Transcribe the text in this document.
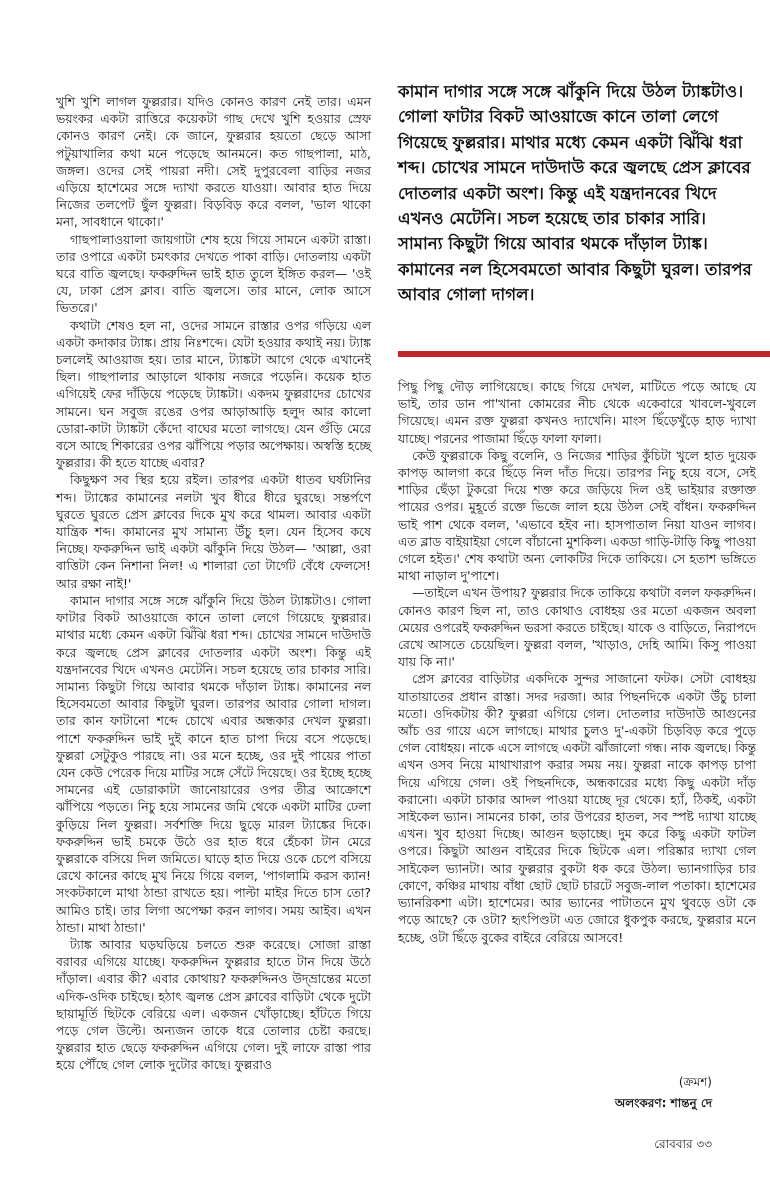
খুশি খুশি লাগল ফুল্লরার। যদিও কোনও কারণ নেই তার। এমন ভয়ংকর একটা রাত্তিরে কয়েকটা গাছ দেখে খুশি হওয়ার স্রেফ কোনও কারণ নেই। কে জানে, ফুল্লরার হয়তো ছেড়ে আসা পটুয়াখালির কথা মনে পড়েছে আনমনে। কত গাছপালা, মাঠ, জঙ্গল। ওদের সেই পায়রা নদী। সেই দুপুরবেলা বাড়ির নজর এড়িয়ে হাশেমের সঙ্গে দ্যাখা করতে যাওয়া। আবার হাত দিয়ে নিজের তলপেট ছুঁল ফুল্লরা। বিড়বিড় করে বলল, 'ভাল থাকো মনা, সাবধানে থাকো।'

গাছপালাওয়ালা জায়গাটা শেষ হয়ে গিয়ে সামনে একটা রাস্তা। তার ওপারে একটা চমৎকার দেখতে পাকা বাড়ি। দোতলায় একটা ঘরে বাতি জ্বলছে। ফকরুদ্দিন ভাই হাত তুলে ইঙ্গিত করল— 'ওই যে, ঢাকা প্রেস ক্লাব। বাতি জ্বলসে। তার মানে, লোক আসে ভিতরে।'

কথাটা শেষও হল না, ওদের সামনে রাস্তার ওপর গড়িয়ে এল একটা কদাকার ট্যাঙ্ক। প্রায় নিঃশব্দে। যেটা হওয়ার কথাই নয়। ট্যাঙ্ক চললেই আওয়াজ হয়। তার মানে, ট্যাঙ্কটা আগে থেকে এখানেই ছিল। গাছপালার আড়ালে থাকায় নজরে পড়েনি। কয়েক হাত এগিয়েই ফের দাঁড়িয়ে পড়েছে ট্যাঙ্কটা। একদম ফুল্লরাদের চোখের সামনে। ঘন সবুজ রঙের ওপর আড়াআড়ি হলুদ আর কালো ডোরা-কাটা ট্যাঙ্কটা কেঁদো বাঘের মতো লাগছে। যেন গুঁড়ি মেরে বসে আছে শিকারের ওপর ঝাঁপিয়ে পড়ার অপেক্ষায়। অস্বস্তি হচ্ছে ফুল্লরার। কী হতে যাচ্ছে এবার?

কিছুক্ষণ সব স্থির হয়ে রইল। তারপর একটা ধাতব ঘর্ষটানির শব্দ। ট্যাঙ্কের কামানের নলটা খুব ধীরে ধীরে ঘুরছে। সন্তর্পণে ঘুরতে ঘুরতে প্রেস ক্লাবের দিকে মুখ করে থামল। আবার একটা যান্ত্রিক শব্দ। কামানের মুখ সামান্য উঁচু হল। যেন হিসেব কষে নিচ্ছে। ফকরুদ্দিন ভাই একটা ঝাঁকুনি দিয়ে উঠল— 'আল্লা, ওরা বাত্তিটা কেন নিশানা নিল! এ শালারা তো টার্গেট বেঁধে ফেলসে! আর রক্ষা নাই!'

কামান দাগার সঙ্গে সঙ্গে ঝাঁকুনি দিয়ে উঠল ট্যাঙ্কটাও। গোলা ফাটার বিকট আওয়াজে কানে তালা লেগে গিয়েছে ফুল্লরার। মাথার মধ্যে কেমন একটা ঝিঁঝি ধরা শব্দ। চোখের সামনে দাউদাউ করে জ্বলছে প্রেস ক্লাবের দোতলার একটা অংশ। কিন্তু এই যন্ত্রদানবের খিদে এখনও মেটেনি। সচল হয়েছে তার চাকার সারি। সামান্য কিছুটা গিয়ে আবার থমকে দাঁড়াল ট্যাঙ্ক। কামানের নল হিসেবমতো আবার কিছুটা ঘুরল। তারপর আবার গোলা দাগল। তার কান ফাটানো শব্দে চোখে এবার অন্ধকার দেখল ফুল্লরা। পাশে ফকরুদ্দিন ভাই দুই কানে হাত চাপা দিয়ে বসে পড়েছে। ফুল্লরা সেটুকুও পারছে না। ওর মনে হচ্ছে, ওর দুই পায়ের পাতা যেন কেউ পেরেক দিয়ে মাটির সঙ্গে সেঁটে দিয়েছে। ওর ইচ্ছে হচ্ছে সামনের এই ডোরাকাটা জানোয়ারের ওপর তীব্র আক্রোশে ঝাঁপিয়ে পড়তে। নিচু হয়ে সামনের জমি থেকে একটা মাটির ঢেলা কুড়িয়ে নিল ফুল্লরা। সর্বশক্তি দিয়ে ছুড়ে মারল ট্যাঙ্কের দিকে। ফকরুদ্দিন ভাই চমকে উঠে ওর হাত ধরে হেঁচকা টান মেরে ফুল্লরাকে বসিয়ে দিল জমিতে। ঘাড়ে হাত দিয়ে ওকে চেপে বসিয়ে রেখে কানের কাছে মুখ নিয়ে গিয়ে বলল, 'পাগলামি করস ক্যান! সংকটকালে মাথা ঠান্ডা রাখতে হয়। পাল্টা মাইর দিতে চাস তো? আমিও চাই। তার লিগা অপেক্ষা করন লাগব। সময় আইব। এখন ঠান্ডা। মাথা ঠান্ডা।'

ট্যাঙ্ক আবার ঘড়ঘড়িয়ে চলতে শুরু করেছে। সোজা রাস্তা বরাবর এগিয়ে যাচ্ছে। ফকরুদ্দিন ফুল্লরার হাতে টান দিয়ে উঠে দাঁড়াল। এবার কী? এবার কোথায়? ফকরুদ্দিনও উদ্‌ভ্রান্তের মতো এদিক-ওদিক চাইছে। হঠাৎ জ্বলন্ত প্রেস ক্লাবের বাড়িটা থেকে দুটো ছায়ামূর্তি ছিটকে বেরিয়ে এল। একজন খোঁড়াচ্ছে। হাঁটতে গিয়ে পড়ে গেল উল্টে। অন্যজন তাকে ধরে তোলার চেষ্টা করছে। ফুল্লরার হাত ছেড়ে ফকরুদ্দিন এগিয়ে গেল। দুই লাফে রাস্তা পার হয়ে পৌঁছে গেল লোক দুটোর কাছে। ফুল্লরাও

কামান দাগার সঙ্গে সঙ্গে ঝাঁকুনি দিয়ে উঠল ট্যাঙ্কটাও। গোলা ফাটার বিকট আওয়াজে কানে তালা লেগে গিয়েছে ফুল্লরার। মাথার মধ্যে কেমন একটা ঝিঁঝি ধরা শব্দ। চোখের সামনে দাউদাউ করে জ্বলছে প্রেস ক্লাবের দোতলার একটা অংশ। কিন্তু এই যন্ত্রদানবের খিদে এখনও মেটেনি। সচল হয়েছে তার চাকার সারি। সামান্য কিছুটা গিয়ে আবার থমকে দাঁড়াল ট্যাঙ্ক। কামানের নল হিসেবমতো আবার কিছুটা ঘুরল। তারপর আবার গোলা দাগল।

পিছু পিছু দৌড় লাগিয়েছে। কাছে গিয়ে দেখল, মাটিতে পড়ে আছে যে ভাই, তার ডান পা'খানা কোমরের নীচ থেকে একেবারে খাবলে-খুবলে গিয়েছে। এমন রক্ত ফুল্লরা কখনও দ্যাখেনি। মাংস ছিঁড়েখুঁড়ে হাড় দ্যাখা যাচ্ছে। পরনের পাজামা ছিঁড়ে ফালা ফালা।

কেউ ফুল্লরাকে কিছু বলেনি, ও নিজের শাড়ির কুঁচিটা খুলে হাত দুয়েক কাপড় আলগা করে ছিঁড়ে নিল দাঁত দিয়ে। তারপর নিচু হয়ে বসে, সেই শাড়ির ছেঁড়া টুকরো দিয়ে শক্ত করে জড়িয়ে দিল ওই ভাইয়ার রক্তাক্ত পায়ের ওপর। মুহূর্তে রক্তে ভিজে লাল হয়ে উঠল সেই বাঁধন। ফকরুদ্দিন ভাই পাশ থেকে বলল, 'এভাবে হইব না। হাসপাতাল নিয়া যাওন লাগব। এত ব্লাড বাইয়াইয়া গেলে বাঁচানো মুশকিল। একডা গাড়ি-টাড়ি কিছু পাওয়া গেলে হইত।' শেষ কথাটা অন্য লোকটির দিকে তাকিয়ে। সে হতাশ ভঙ্গিতে মাথা নাড়াল দু'পাশে।

—তাইলে এখন উপায়? ফুল্লরার দিকে তাকিয়ে কথাটা বলল ফকরুদ্দিন। কোনও কারণ ছিল না, তাও কোথাও বোধহয় ওর মতো একজন অবলা মেয়ের ওপরেই ফকরুদ্দিন ভরসা করতে চাইছে। যাকে ও বাড়িতে, নিরাপদে রেখে আসতে চেয়েছিল। ফুল্লরা বলল, 'খাড়াও, দেহি আমি। কিসু পাওয়া যায় কি না।'

প্রেস ক্লাবের বাড়িটার একদিকে সুন্দর সাজানো ফটক। সেটা বোধহয় যাতায়াতের প্রধান রাস্তা। সদর দরজা। আর পিছনদিকে একটা উঁচু চালা মতো। ওদিকটায় কী? ফুল্লরা এগিয়ে গেল। দোতলার দাউদাউ আগুনের আঁচ ওর গায়ে এসে লাগছে। মাথার চুলও দু'-একটা চিড়বিড় করে পুড়ে গেল বোধহয়। নাকে এসে লাগছে একটা ঝাঁজালো গন্ধ। নাক জ্বলছে। কিন্তু এখন ওসব নিয়ে মাথাখারাপ করার সময় নয়। ফুল্লরা নাকে কাপড় চাপা দিয়ে এগিয়ে গেল। ওই পিছনদিকে, অন্ধকারের মধ্যে কিছু একটা দাঁড় করানো। একটা চাকার আদল পাওয়া যাচ্ছে দূর থেকে। হ্যাঁ, ঠিকই, একটা সাইকেল ভ্যান। সামনের চাকা, তার উপরের হাতল, সব স্পষ্ট দ্যাখা যাচ্ছে এখন। খুব হাওয়া দিচ্ছে। আগুন ছড়াচ্ছে। দুম করে কিছু একটা ফাটল ওপরে। কিছুটা আগুন বাইরের দিকে ছিটকে এল। পরিষ্কার দ্যাখা গেল সাইকেল ভ্যানটা। আর ফুল্লরার বুকটা ধক করে উঠল। ভ্যানগাড়ির চার কোণে, কঞ্চির মাথায় বাঁধা ছোট ছোট চারটে সবুজ-লাল পতাকা। হাশেমের ভ্যানরিকশা এটা। হাশেমের। আর ভ্যানের পাটাতনে মুখ থুবড়ে ওটা কে পড়ে আছে? কে ওটা? হৃৎপিণ্ডটা এত জোরে ধুকপুক করছে, ফুল্লরার মনে হচ্ছে, ওটা ছিঁড়ে বুকের বাইরে বেরিয়ে আসবে!

(ক্রমশ)
অলংকরণ: শান্তনু দে
রোববার ৩৩
